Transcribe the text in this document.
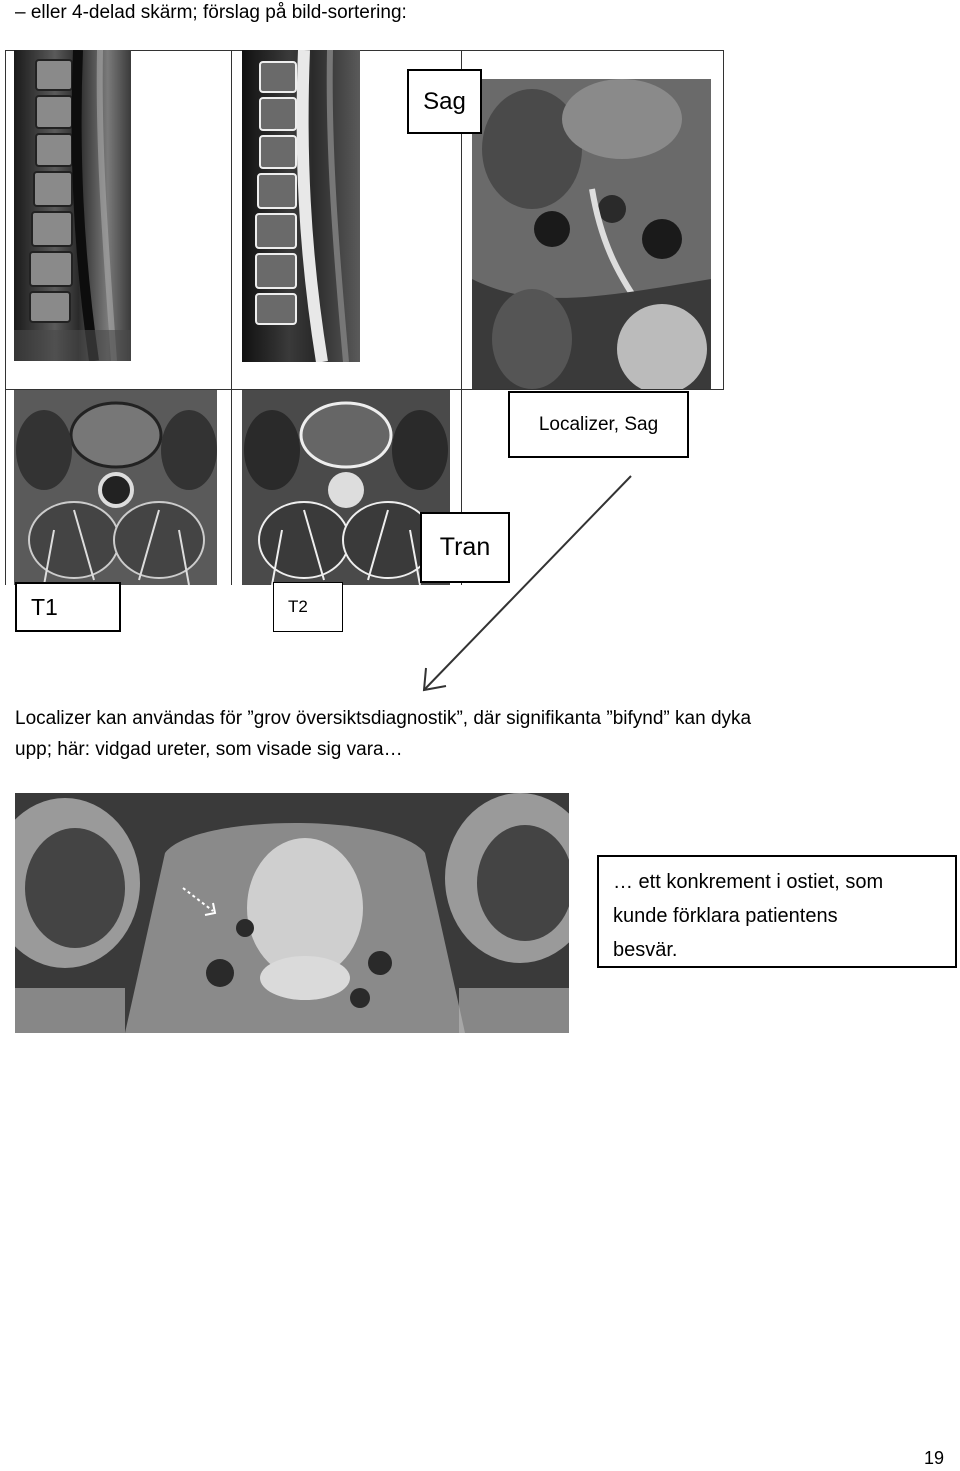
– eller 4-delad skärm; förslag på bild-sortering:
Sag
Localizer, Sag
Tran
T1	T2
Localizer kan användas för ”grov översiktsdiagnostik”, där signifikanta ”bifynd” kan dyka
upp; här: vidgad ureter, som visade sig vara…
… ett konkrement i ostiet, som
kunde förklara patientens
besvär.
19
